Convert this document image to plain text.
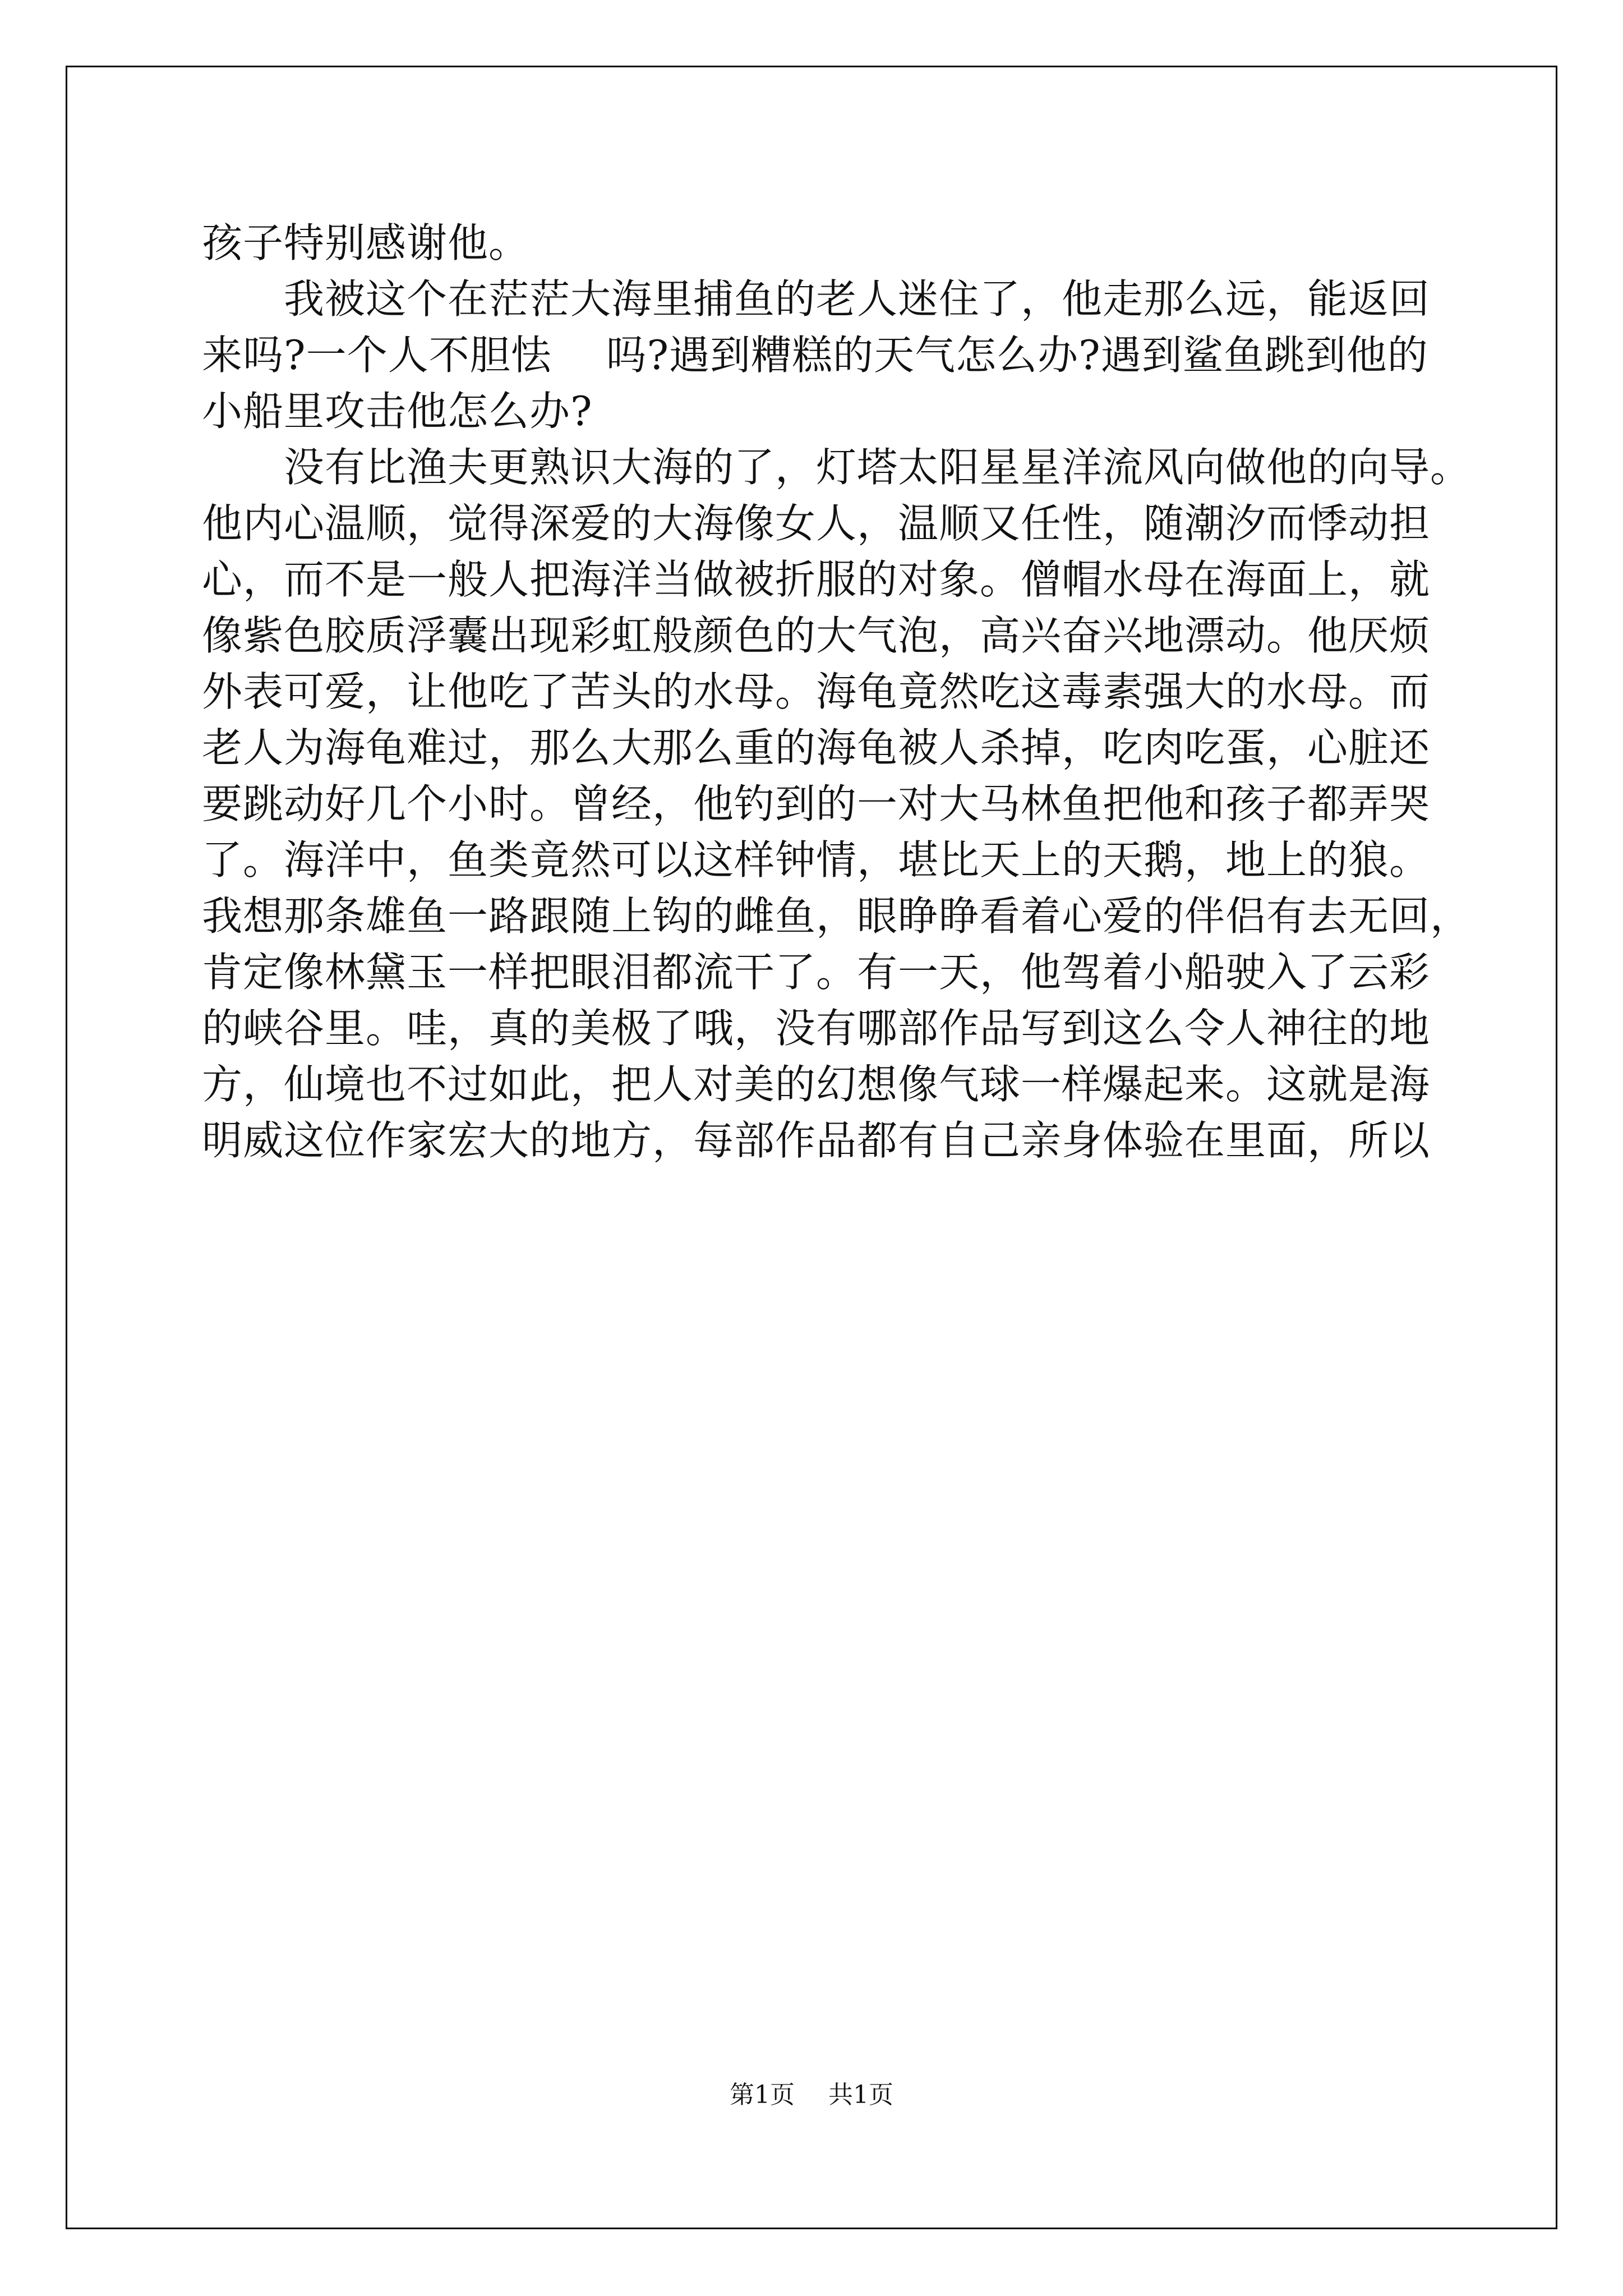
孩子特别感谢他。
　　我被这个在茫茫大海里捕鱼的老人迷住了，他走那么远，能返回
来吗?一个人不胆怯　 吗?遇到糟糕的天气怎么办?遇到鲨鱼跳到他的
小船里攻击他怎么办?
　　没有比渔夫更熟识大海的了，灯塔太阳星星洋流风向做他的向导。
他内心温顺，觉得深爱的大海像女人，温顺又任性，随潮汐而悸动担
心，而不是一般人把海洋当做被折服的对象。僧帽水母在海面上，就
像紫色胶质浮囊出现彩虹般颜色的大气泡，高兴奋兴地漂动。他厌烦
外表可爱，让他吃了苦头的水母。海龟竟然吃这毒素强大的水母。而
老人为海龟难过，那么大那么重的海龟被人杀掉，吃肉吃蛋，心脏还
要跳动好几个小时。曾经，他钓到的一对大马林鱼把他和孩子都弄哭
了。海洋中，鱼类竟然可以这样钟情，堪比天上的天鹅，地上的狼。
我想那条雄鱼一路跟随上钩的雌鱼，眼睁睁看着心爱的伴侣有去无回，
肯定像林黛玉一样把眼泪都流干了。有一天，他驾着小船驶入了云彩
的峡谷里。哇，真的美极了哦，没有哪部作品写到这么令人神往的地
方，仙境也不过如此，把人对美的幻想像气球一样爆起来。这就是海
明威这位作家宏大的地方，每部作品都有自己亲身体验在里面，所以
第1页 共1页
